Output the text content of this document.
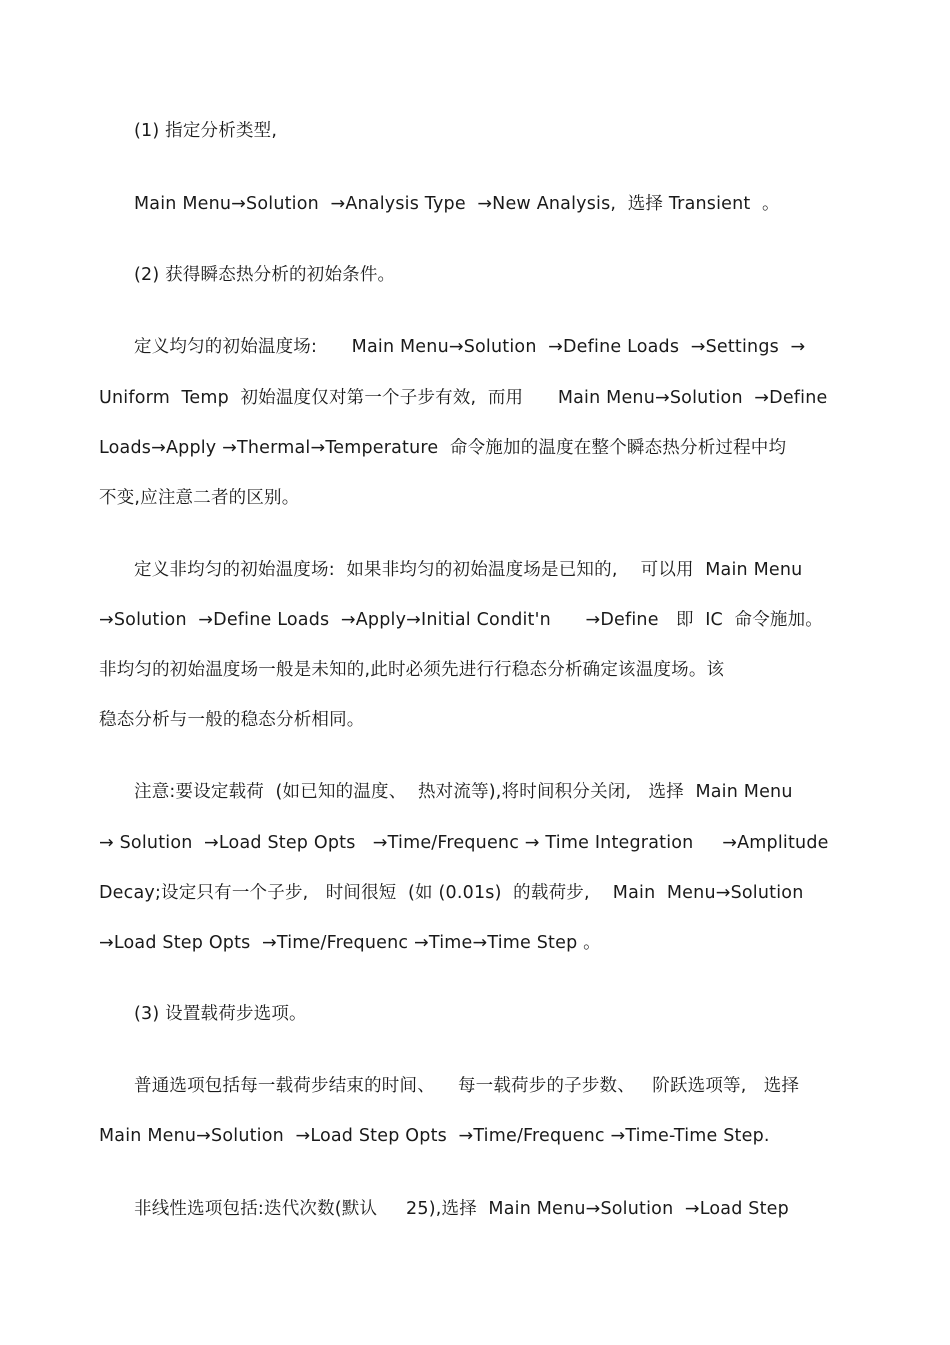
(1) 指定分析类型,
Main Menu→Solution  →Analysis Type  →New Analysis,  选择 Transient  。
(2) 获得瞬态热分析的初始条件。
定义均匀的初始温度场:      Main Menu→Solution  →Define Loads  →Settings  →
Uniform  Temp  初始温度仅对第一个子步有效,  而用      Main Menu→Solution  →Define
Loads→Apply →Thermal→Temperature  命令施加的温度在整个瞬态热分析过程中均
不变,应注意二者的区别。
定义非均匀的初始温度场:  如果非均匀的初始温度场是已知的,    可以用  Main Menu
→Solution  →Define Loads  →Apply→Initial Condit'n      →Define   即  IC  命令施加。
非均匀的初始温度场一般是未知的,此时必须先进行行稳态分析确定该温度场。该
稳态分析与一般的稳态分析相同。
注意:要设定载荷  (如已知的温度、  热对流等),将时间积分关闭,   选择  Main Menu
→ Solution  →Load Step Opts   →Time/Frequenc → Time Integration     →Amplitude
Decay;设定只有一个子步,   时间很短  (如 (0.01s)  的载荷步,    Main  Menu→Solution
→Load Step Opts  →Time/Frequenc →Time→Time Step 。
(3) 设置载荷步选项。
普通选项包括每一载荷步结束的时间、    每一载荷步的子步数、   阶跃选项等,   选择
Main Menu→Solution  →Load Step Opts  →Time/Frequenc →Time-Time Step.
非线性选项包括:迭代次数(默认     25),选择  Main Menu→Solution  →Load Step
